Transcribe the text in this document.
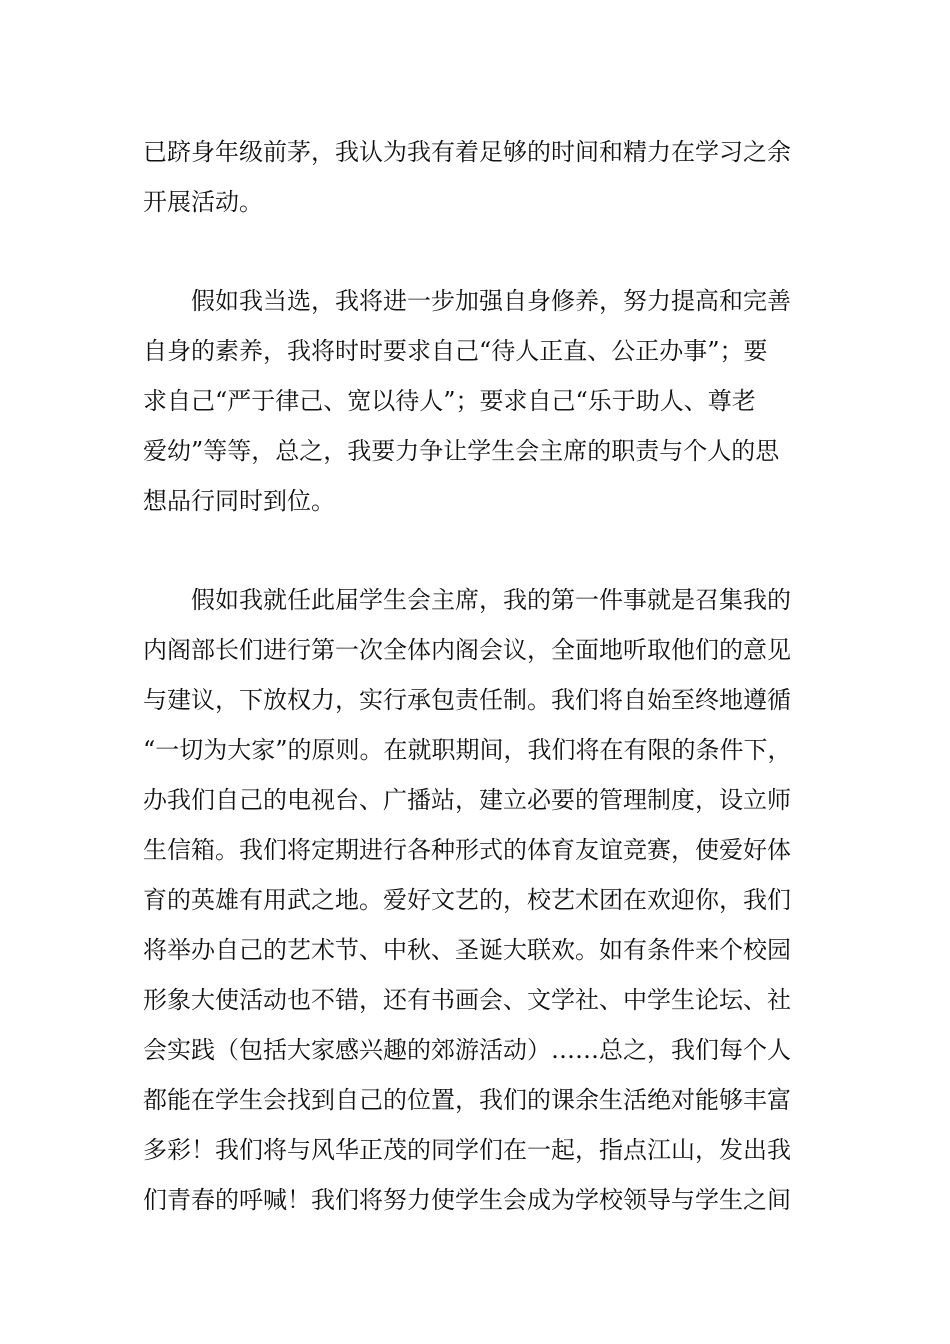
已跻身年级前茅，我认为我有着足够的时间和精力在学习之余
开展活动。
假如我当选，我将进一步加强自身修养，努力提高和完善
自身的素养，我将时时要求自己“待人正直、公正办事”；要
求自己“严于律己、宽以待人”；要求自己“乐于助人、尊老
爱幼”等等，总之，我要力争让学生会主席的职责与个人的思
想品行同时到位。
假如我就任此届学生会主席，我的第一件事就是召集我的
内阁部长们进行第一次全体内阁会议，全面地听取他们的意见
与建议，下放权力，实行承包责任制。我们将自始至终地遵循
“一切为大家”的原则。在就职期间，我们将在有限的条件下，
办我们自己的电视台、广播站，建立必要的管理制度，设立师
生信箱。我们将定期进行各种形式的体育友谊竞赛，使爱好体
育的英雄有用武之地。爱好文艺的，校艺术团在欢迎你，我们
将举办自己的艺术节、中秋、圣诞大联欢。如有条件来个校园
形象大使活动也不错，还有书画会、文学社、中学生论坛、社
会实践（包括大家感兴趣的郊游活动）……总之，我们每个人
都能在学生会找到自己的位置，我们的课余生活绝对能够丰富
多彩！我们将与风华正茂的同学们在一起，指点江山，发出我
们青春的呼喊！我们将努力使学生会成为学校领导与学生之间
